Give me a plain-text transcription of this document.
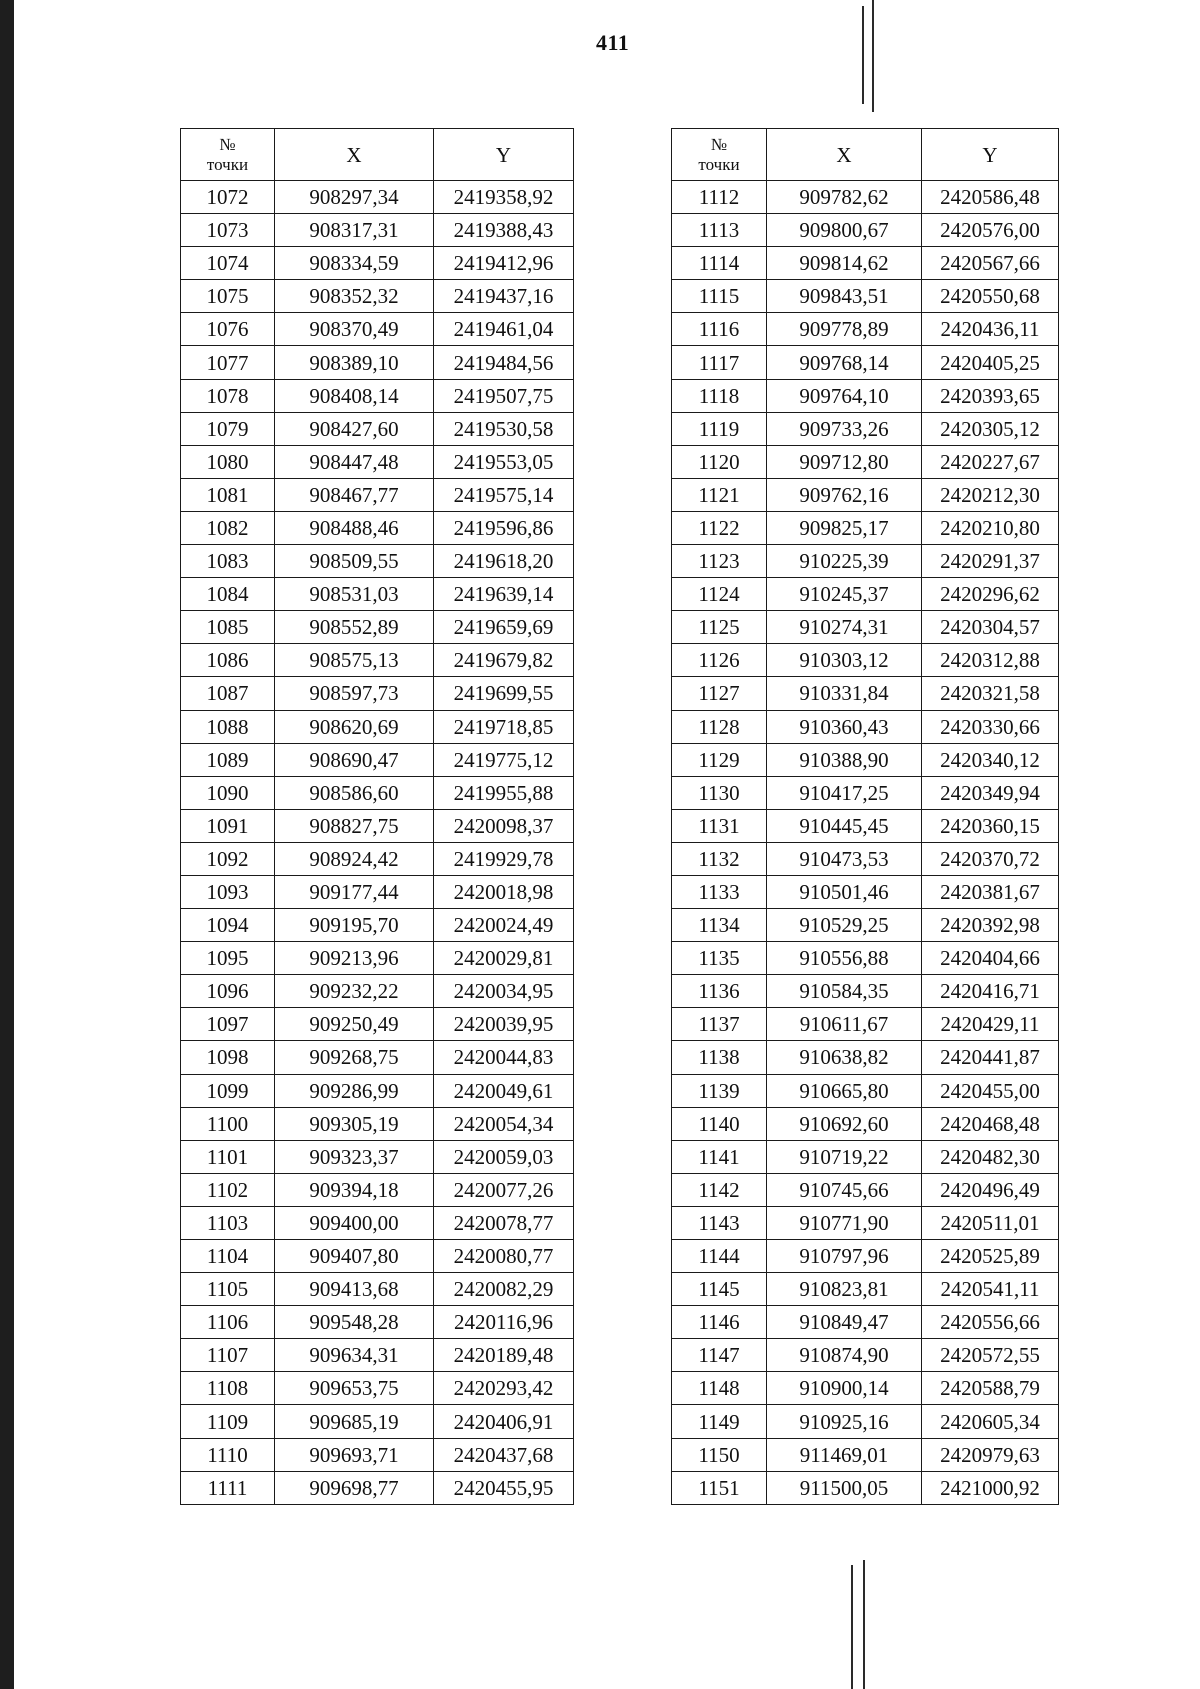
411
№
точки	X	Y
1072	908297,34	2419358,92
1073	908317,31	2419388,43
1074	908334,59	2419412,96
1075	908352,32	2419437,16
1076	908370,49	2419461,04
1077	908389,10	2419484,56
1078	908408,14	2419507,75
1079	908427,60	2419530,58
1080	908447,48	2419553,05
1081	908467,77	2419575,14
1082	908488,46	2419596,86
1083	908509,55	2419618,20
1084	908531,03	2419639,14
1085	908552,89	2419659,69
1086	908575,13	2419679,82
1087	908597,73	2419699,55
1088	908620,69	2419718,85
1089	908690,47	2419775,12
1090	908586,60	2419955,88
1091	908827,75	2420098,37
1092	908924,42	2419929,78
1093	909177,44	2420018,98
1094	909195,70	2420024,49
1095	909213,96	2420029,81
1096	909232,22	2420034,95
1097	909250,49	2420039,95
1098	909268,75	2420044,83
1099	909286,99	2420049,61
1100	909305,19	2420054,34
1101	909323,37	2420059,03
1102	909394,18	2420077,26
1103	909400,00	2420078,77
1104	909407,80	2420080,77
1105	909413,68	2420082,29
1106	909548,28	2420116,96
1107	909634,31	2420189,48
1108	909653,75	2420293,42
1109	909685,19	2420406,91
1110	909693,71	2420437,68
1111	909698,77	2420455,95
№
точки	X	Y
1112	909782,62	2420586,48
1113	909800,67	2420576,00
1114	909814,62	2420567,66
1115	909843,51	2420550,68
1116	909778,89	2420436,11
1117	909768,14	2420405,25
1118	909764,10	2420393,65
1119	909733,26	2420305,12
1120	909712,80	2420227,67
1121	909762,16	2420212,30
1122	909825,17	2420210,80
1123	910225,39	2420291,37
1124	910245,37	2420296,62
1125	910274,31	2420304,57
1126	910303,12	2420312,88
1127	910331,84	2420321,58
1128	910360,43	2420330,66
1129	910388,90	2420340,12
1130	910417,25	2420349,94
1131	910445,45	2420360,15
1132	910473,53	2420370,72
1133	910501,46	2420381,67
1134	910529,25	2420392,98
1135	910556,88	2420404,66
1136	910584,35	2420416,71
1137	910611,67	2420429,11
1138	910638,82	2420441,87
1139	910665,80	2420455,00
1140	910692,60	2420468,48
1141	910719,22	2420482,30
1142	910745,66	2420496,49
1143	910771,90	2420511,01
1144	910797,96	2420525,89
1145	910823,81	2420541,11
1146	910849,47	2420556,66
1147	910874,90	2420572,55
1148	910900,14	2420588,79
1149	910925,16	2420605,34
1150	911469,01	2420979,63
1151	911500,05	2421000,92
